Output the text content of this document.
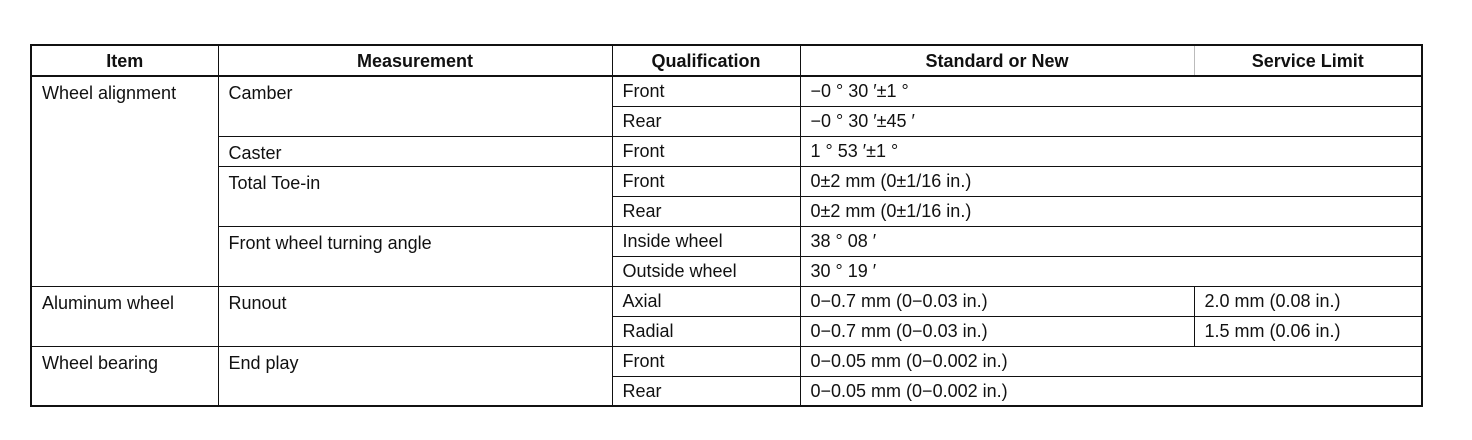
Item	Measurement	Qualification	Standard or New	Service Limit
Wheel alignment	Camber	Front	−0 ° 30 ′±1 °	
		Rear	−0 ° 30 ′±45 ′	
	Caster	Front	1 ° 53 ′±1 °	
	Total Toe-in	Front	0±2 mm (0±1/16 in.)	
		Rear	0±2 mm (0±1/16 in.)	
	Front wheel turning angle	Inside wheel	38 ° 08 ′	
		Outside wheel	30 ° 19 ′	
Aluminum wheel	Runout	Axial	0−0.7 mm (0−0.03 in.)	2.0 mm (0.08 in.)
		Radial	0−0.7 mm (0−0.03 in.)	1.5 mm (0.06 in.)
Wheel bearing	End play	Front	0−0.05 mm (0−0.002 in.)	
		Rear	0−0.05 mm (0−0.002 in.)	
